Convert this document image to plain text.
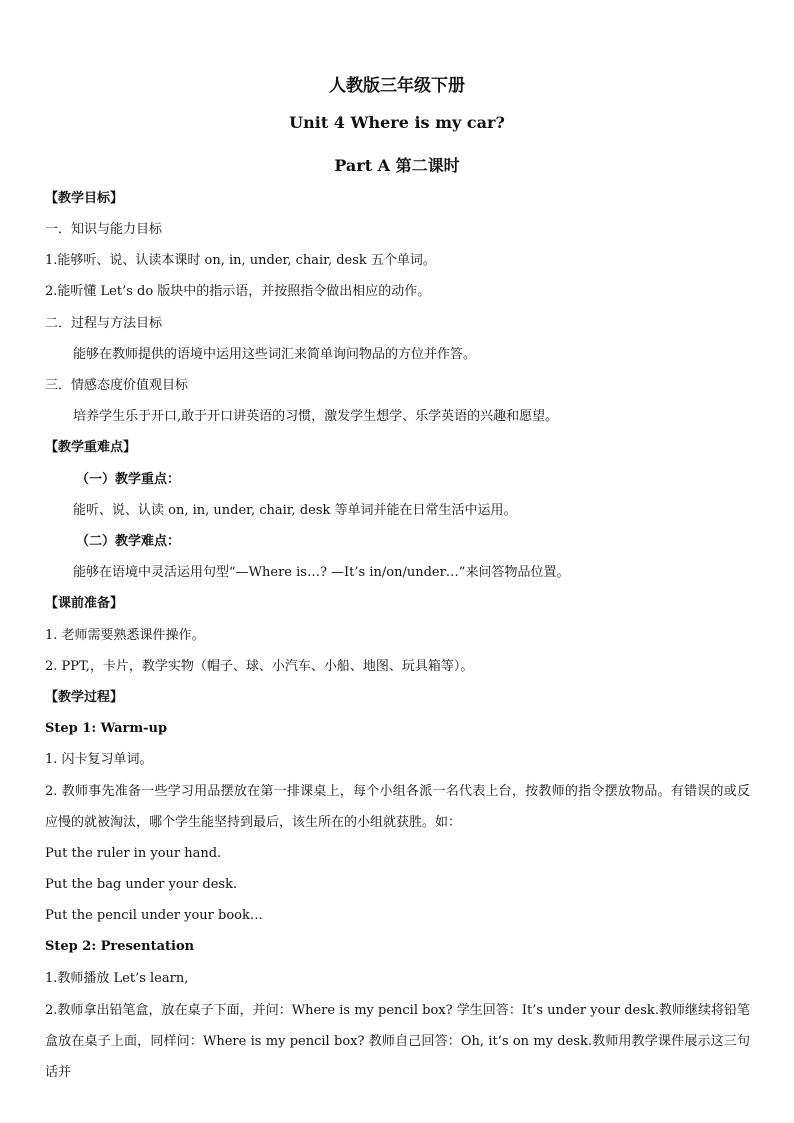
人教版三年级下册
Unit 4 Where is my car?
Part A 第二课时
【教学目标】
一．知识与能力目标
1.能够听、说、认读本课时 on, in, under, chair, desk 五个单词。
2.能听懂 Let’s do 版块中的指示语，并按照指令做出相应的动作。
二．过程与方法目标
能够在教师提供的语境中运用这些词汇来简单询问物品的方位并作答。
三．情感态度价值观目标
培养学生乐于开口,敢于开口讲英语的习惯，激发学生想学、乐学英语的兴趣和愿望。
【教学重难点】
（一）教学重点：
能听、说、认读 on, in, under, chair, desk 等单词并能在日常生活中运用。
（二）教学难点：
能够在语境中灵活运用句型“—Where is…? —It’s in/on/under…”来问答物品位置。
【课前准备】
1. 老师需要熟悉课件操作。
2. PPT,，卡片，教学实物（帽子、球、小汽车、小船、地图、玩具箱等）。
【教学过程】
Step 1: Warm-up
1. 闪卡复习单词。
2. 教师事先准备一些学习用品摆放在第一排课桌上，每个小组各派一名代表上台，按教师的指令摆放物品。有错误的或反应慢的就被淘汰，哪个学生能坚持到最后，该生所在的小组就获胜。如：
Put the ruler in your hand.
Put the bag under your desk.
Put the pencil under your book…
Step 2: Presentation
1.教师播放 Let’s learn,
2.教师拿出铅笔盒，放在桌子下面，并问：Where is my pencil box? 学生回答：It’s under your desk.教师继续将铅笔盒放在桌子上面，同样问：Where is my pencil box? 教师自己回答：Oh, it’s on my desk.教师用教学课件展示这三句话并
